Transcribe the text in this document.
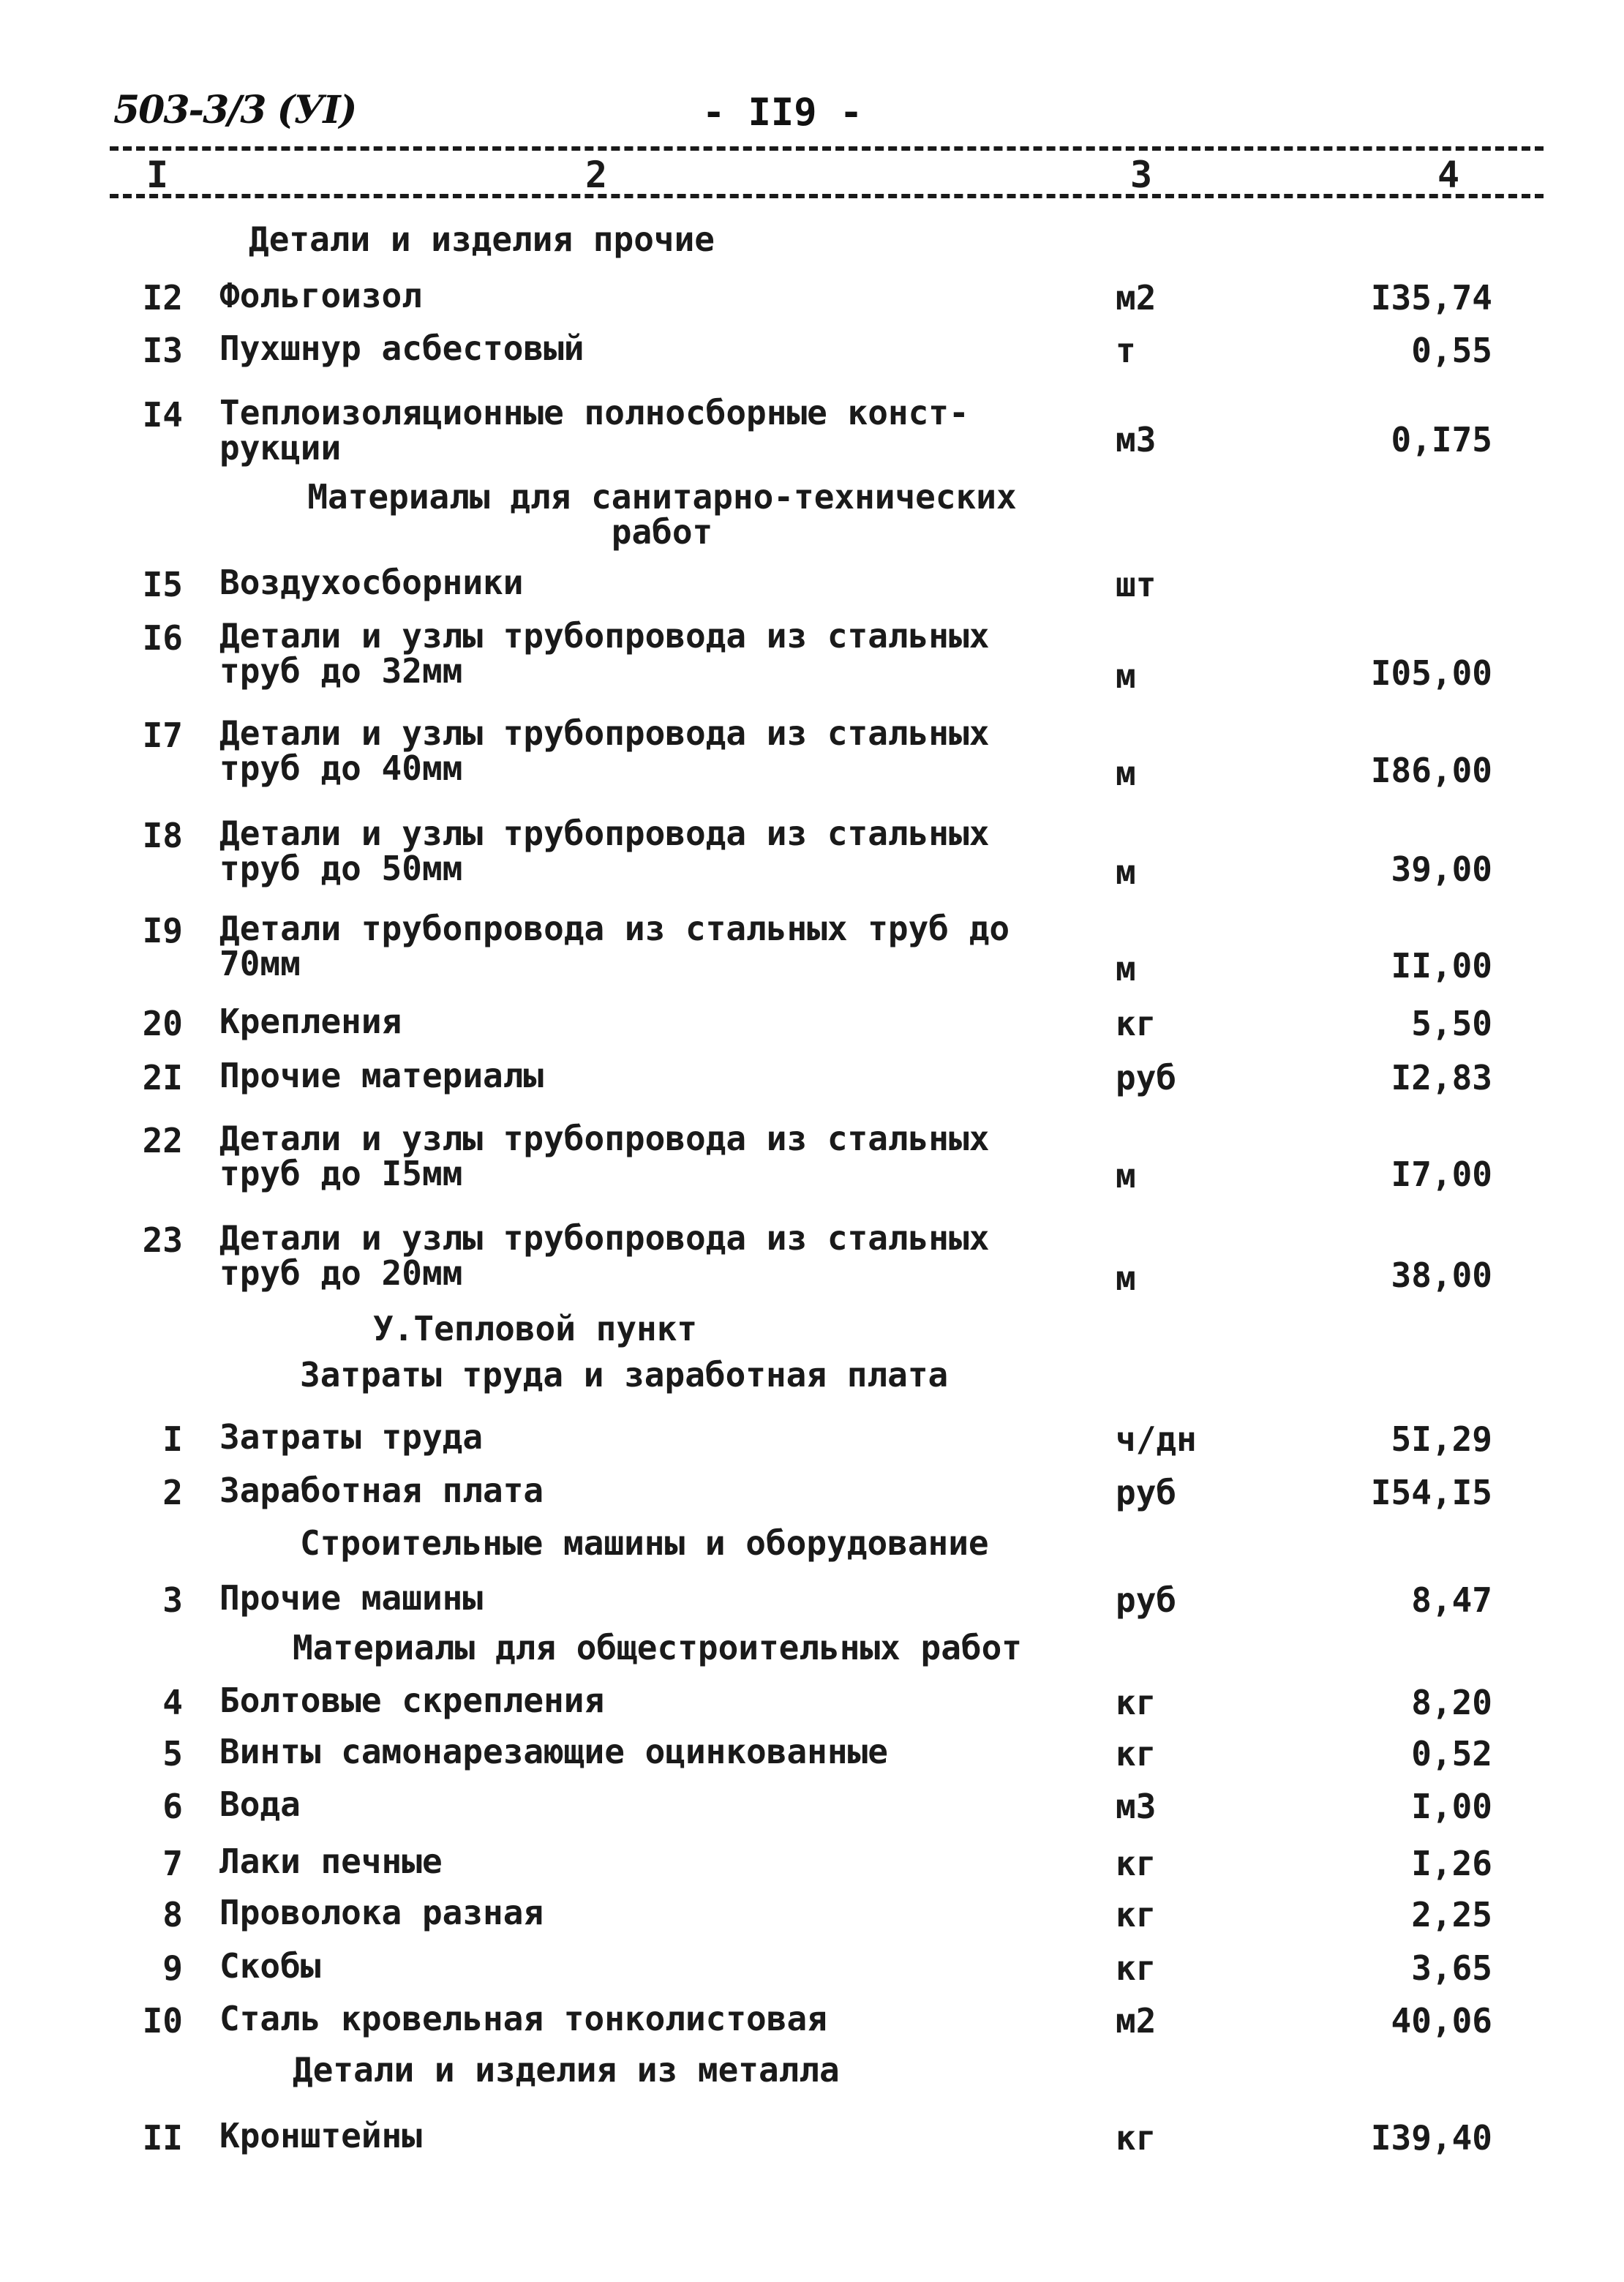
503-3/3 (УI)	- II9 -
I	2	3	4
Детали и изделия прочие
I2 Фольгоизол	м2	I35,74
I3 Пухшнур асбестовый	т	0,55
I4 Теплоизоляционные полносборные конст-
рукции	м3	0,I75
Материалы для санитарно-технических
работ
I5 Воздухосборники	шт
I6 Детали и узлы трубопровода из стальных
труб до 32мм	м	I05,00
I7 Детали и узлы трубопровода из стальных
труб до 40мм	м	I86,00
I8 Детали и узлы трубопровода из стальных
труб до 50мм	м	39,00
I9 Детали трубопровода из стальных труб до
70мм	м	II,00
20 Крепления	кг	5,50
2I Прочие материалы	руб	I2,83
22 Детали и узлы трубопровода из стальных
труб до I5мм	м	I7,00
23 Детали и узлы трубопровода из стальных
труб до 20мм	м	38,00
У.Тепловой пункт
Затраты труда и заработная плата
I Затраты труда	ч/дн	5I,29
2 Заработная плата	руб	I54,I5
Строительные машины и оборудование
3 Прочие машины	руб	8,47
Материалы для общестроительных работ
4 Болтовые скрепления	кг	8,20
5 Винты самонарезающие оцинкованные	кг	0,52
6 Вода	м3	I,00
7 Лаки печные	кг	I,26
8 Проволока разная	кг	2,25
9 Скобы	кг	3,65
I0 Сталь кровельная тонколистовая	м2	40,06
Детали и изделия из металла
II Кронштейны	кг	I39,40
